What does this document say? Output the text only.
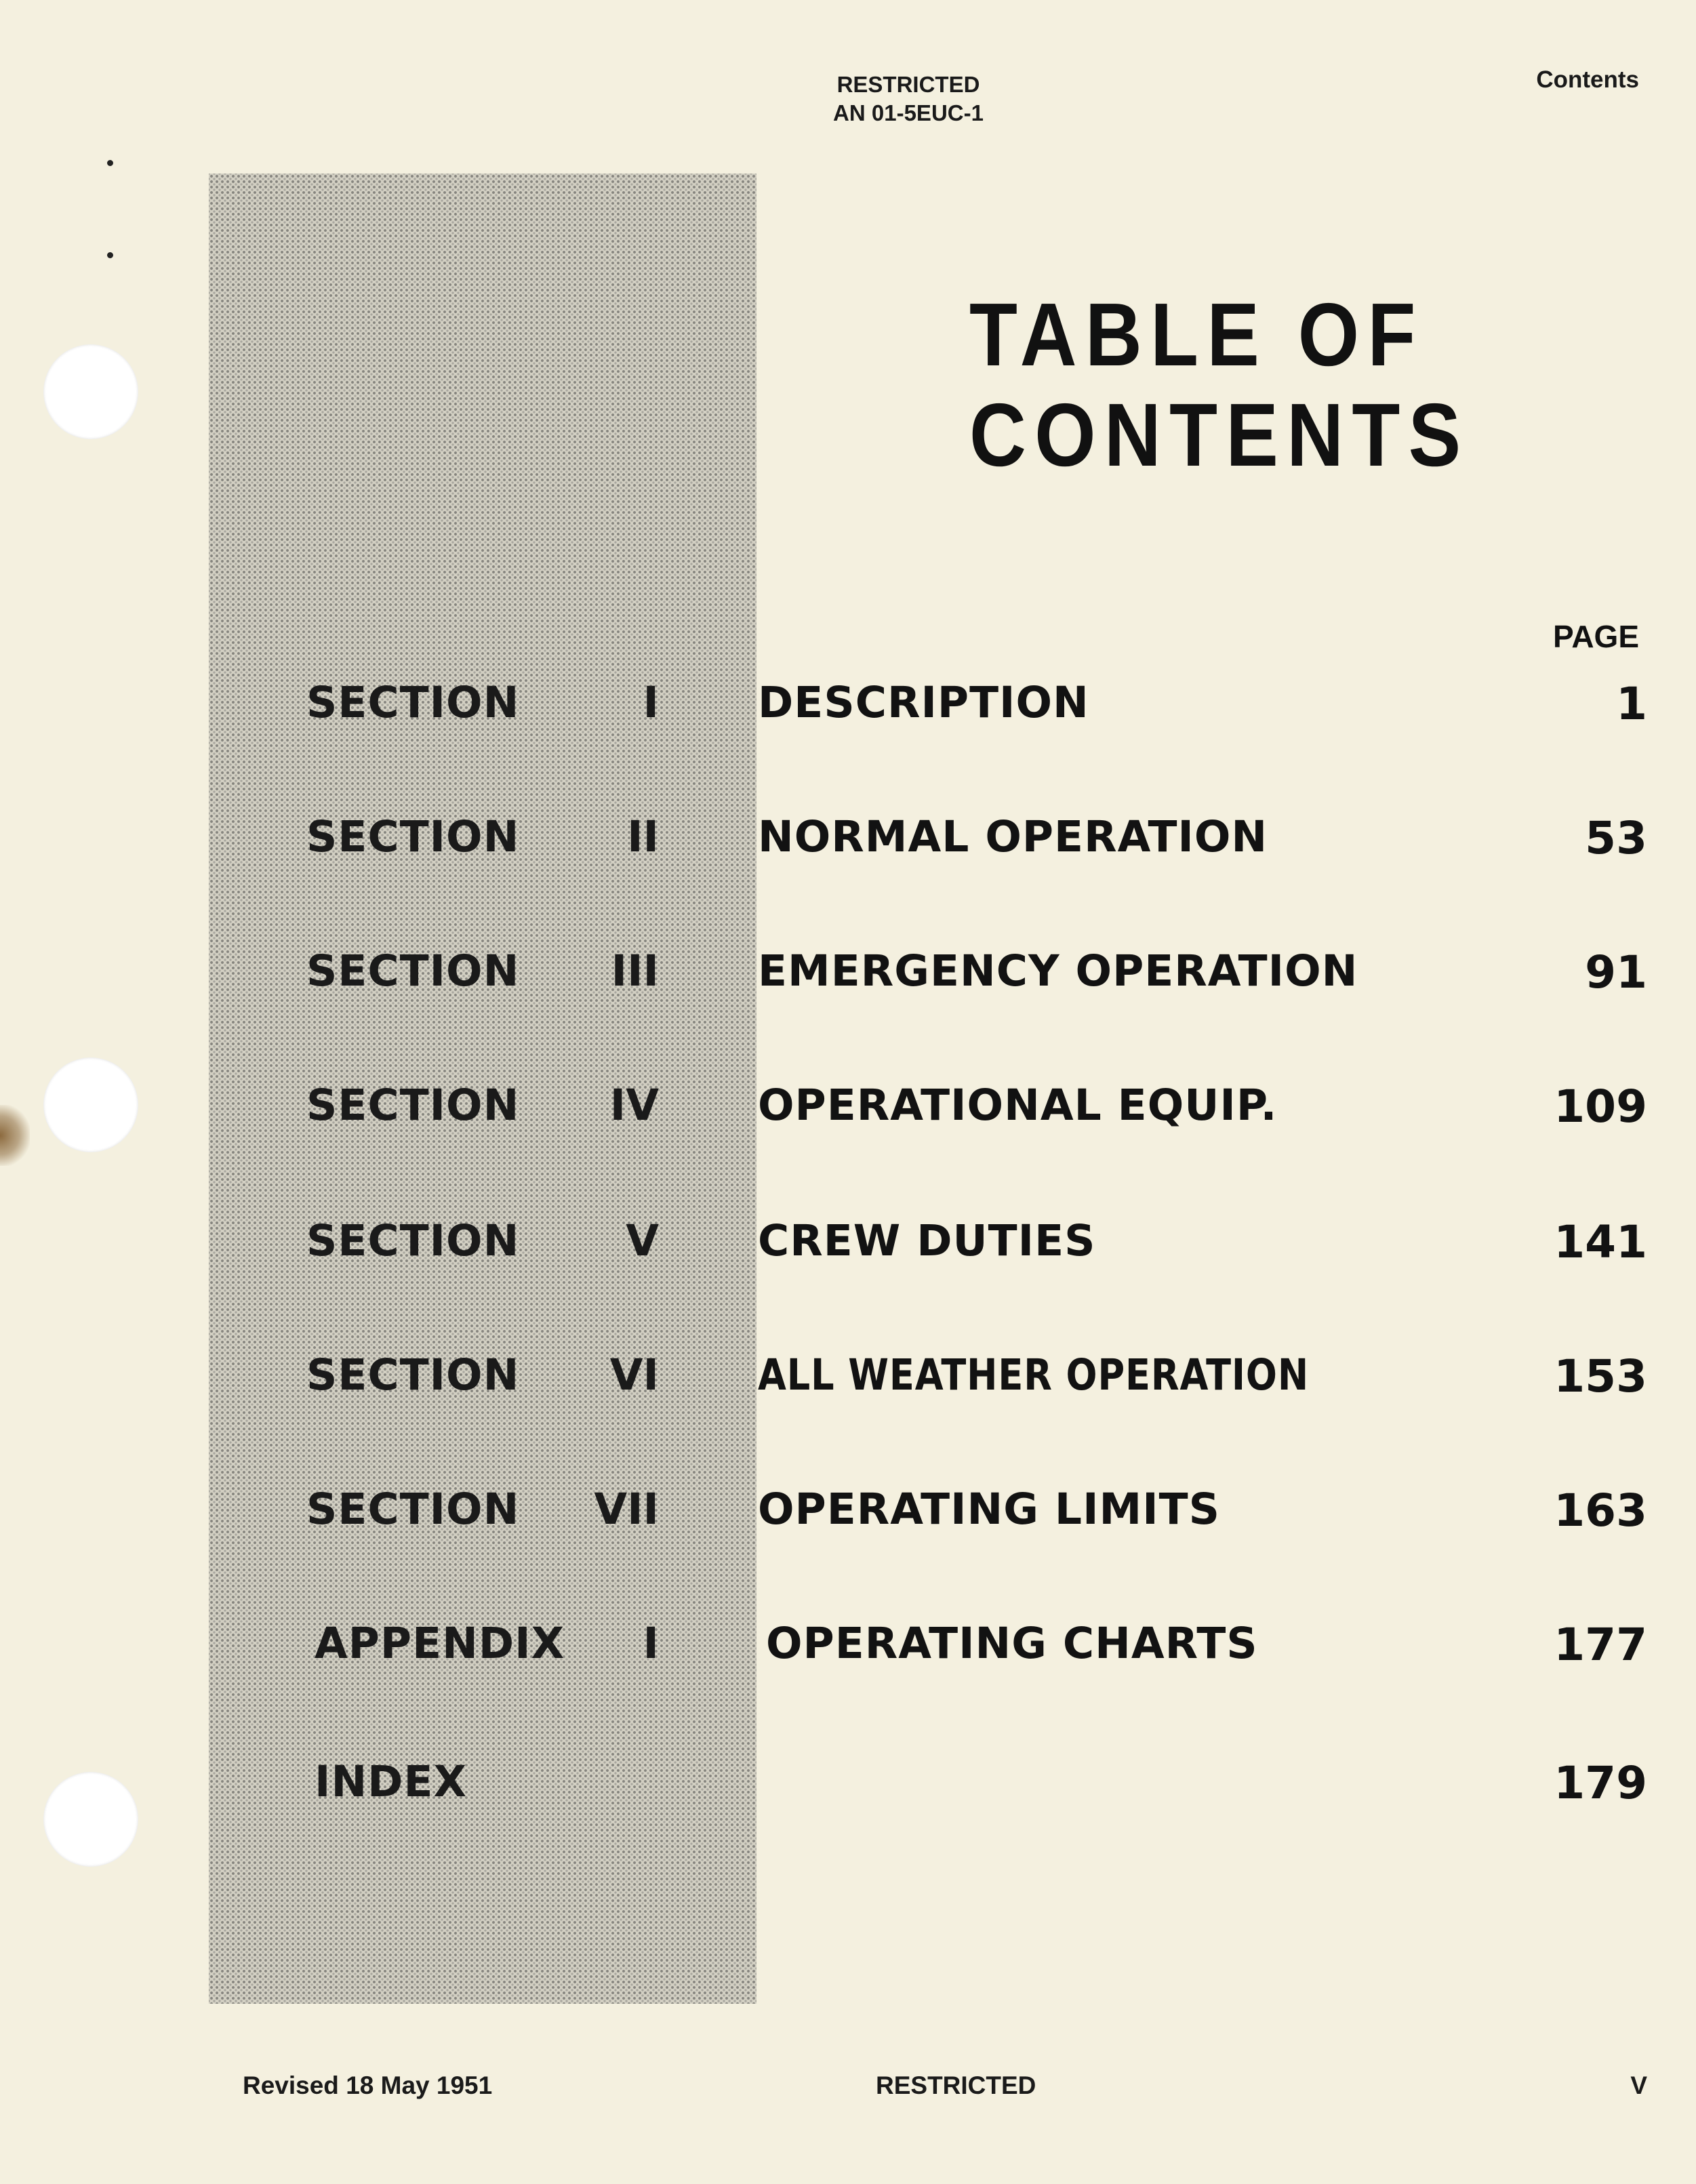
RESTRICTED
AN 01-5EUC-1
Contents
TABLE OF
CONTENTS
PAGE
SECTION	I DESCRIPTION	1
SECTION	II NORMAL OPERATION	53
SECTION III EMERGENCY OPERATION	91
SECTION IV OPERATIONAL EQUIP.	109
SECTION V CREW DUTIES	141
SECTION VI ALL WEATHER OPERATION	153
SECTION VII OPERATING LIMITS	163
APPENDIX I	OPERATING CHARTS	177
INDEX	179
Revised 18 May 1951	RESTRICTED	V
